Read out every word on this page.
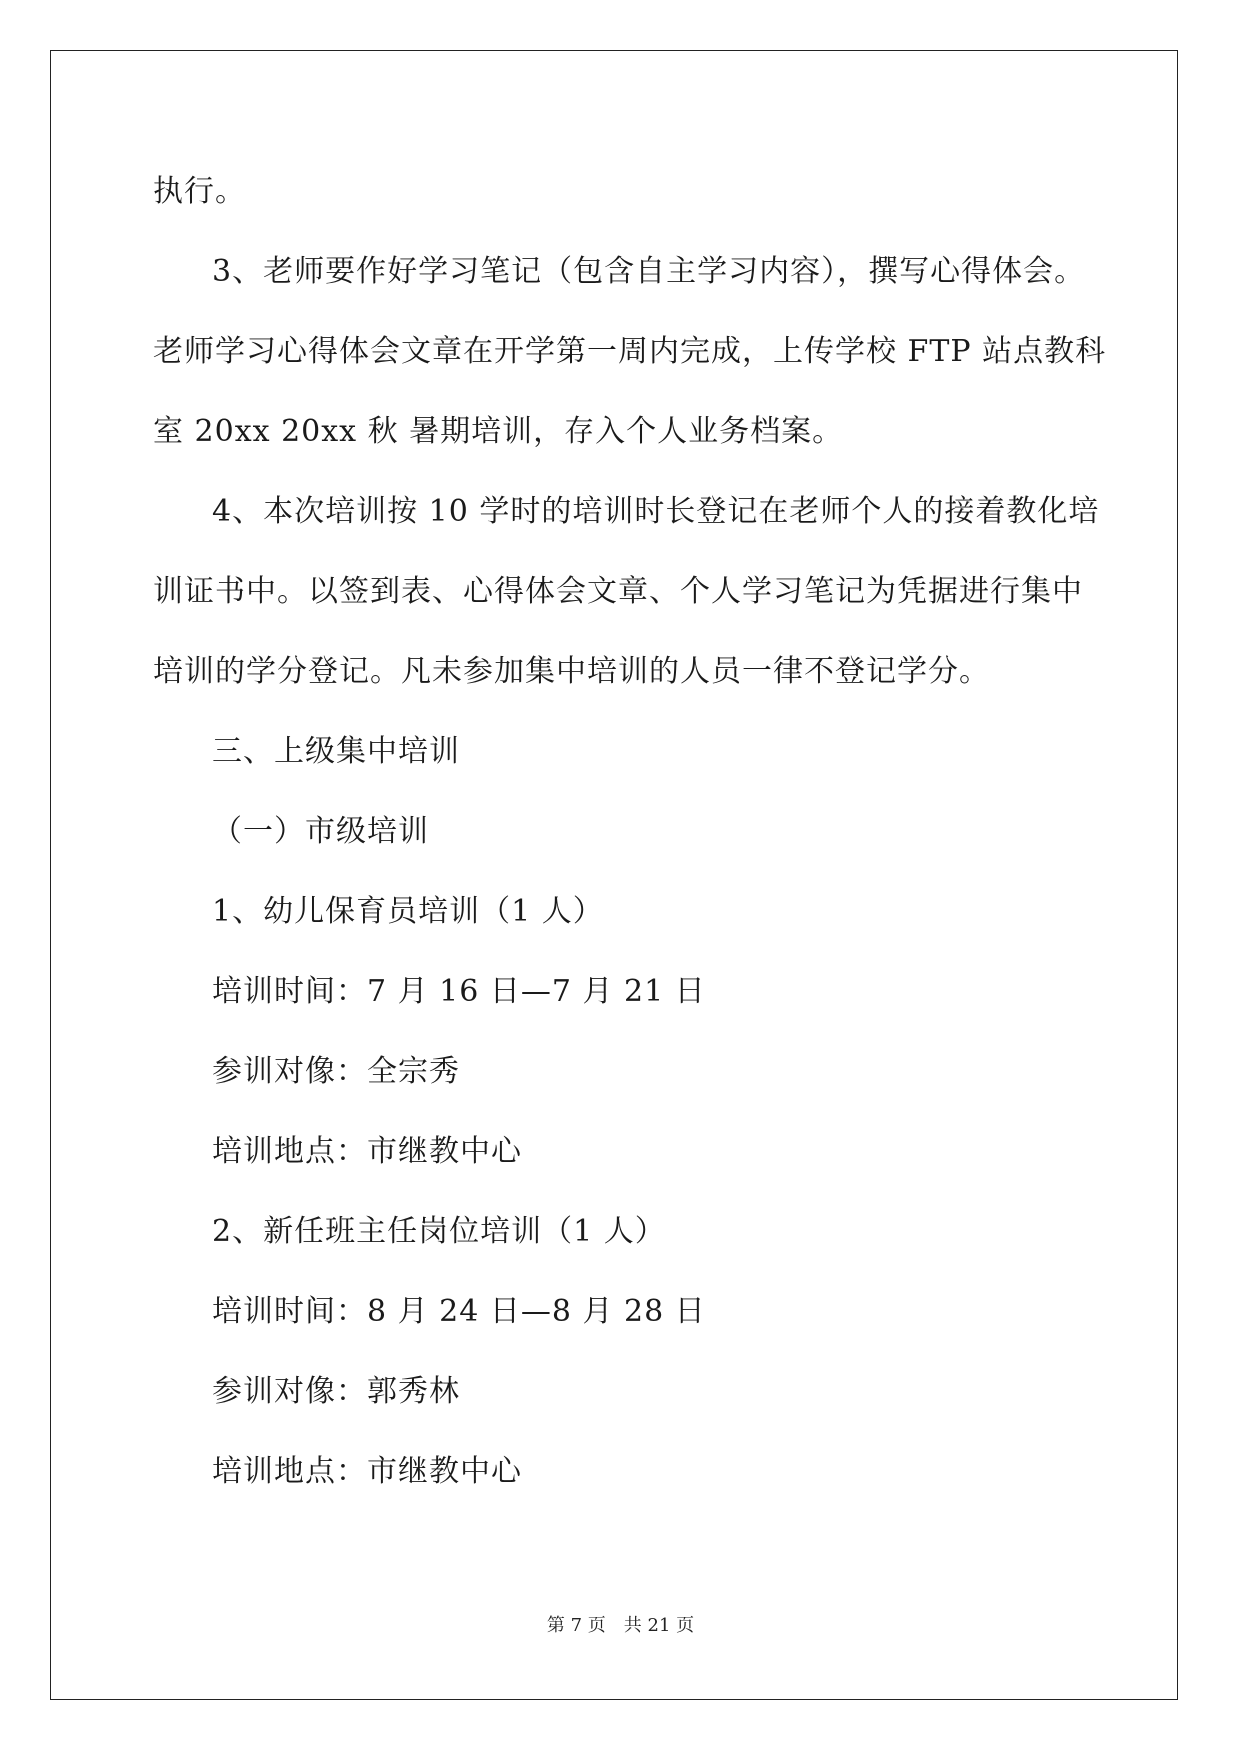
执行。
3、老师要作好学习笔记（包含自主学习内容），撰写心得体会。
老师学习心得体会文章在开学第一周内完成，上传学校 FTP 站点教科
室 20xx 20xx 秋 暑期培训，存入个人业务档案。
4、本次培训按 10 学时的培训时长登记在老师个人的接着教化培
训证书中。以签到表、心得体会文章、个人学习笔记为凭据进行集中
培训的学分登记。凡未参加集中培训的人员一律不登记学分。
三、上级集中培训
（一）市级培训
1、幼儿保育员培训（1 人）
培训时间：7 月 16 日—7 月 21 日
参训对像：全宗秀
培训地点：市继教中心
2、新任班主任岗位培训（1 人）
培训时间：8 月 24 日—8 月 28 日
参训对像：郭秀林
培训地点：市继教中心
第 7 页 共 21 页
